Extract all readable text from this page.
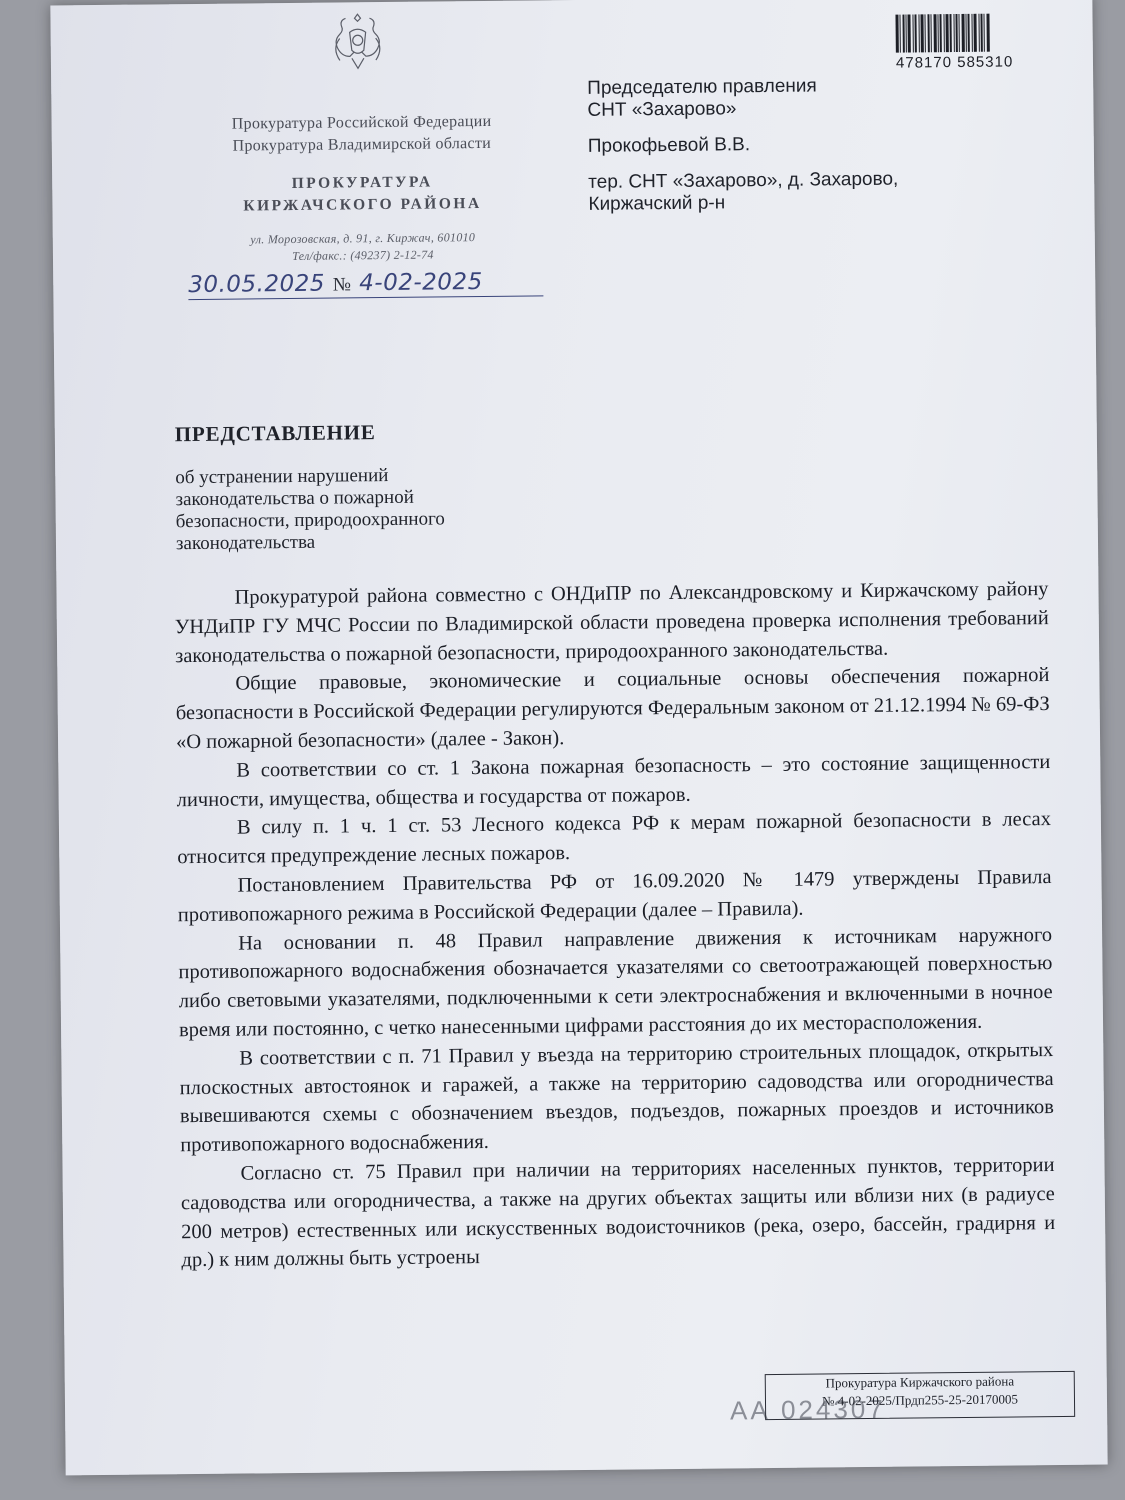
478170 585310
Прокуратура Российской Федерации
Прокуратура Владимирской области
ПРОКУРАТУРА
КИРЖАЧСКОГО РАЙОНА
ул. Морозовская, д. 91, г. Киржач, 601010
Тел/факс.: (49237) 2-12-74
30.05.2025 № 4-02-2025

Председателю правления

СНТ «Захарово»

Прокофьевой В.В.

тер. СНТ «Захарово», д. Захарово,

Киржачский р-н

ПРЕДСТАВЛЕНИЕ
об устранении нарушений
законодательства о пожарной
безопасности, природоохранного
законодательства

Прокуратурой района совместно с ОНДиПР по Александровскому и Киржачскому району УНДиПР ГУ МЧС России по Владимирской области проведена проверка исполнения требований законодательства о пожарной безопасности, природоохранного законодательства.

Общие правовые, экономические и социальные основы обеспечения пожарной безопасности в Российской Федерации регулируются Федеральным законом от 21.12.1994 № 69-ФЗ «О пожарной безопасности» (далее - Закон).

В соответствии со ст. 1 Закона пожарная безопасность – это состояние защищенности личности, имущества, общества и государства от пожаров.

В силу п. 1 ч. 1 ст. 53 Лесного кодекса РФ к мерам пожарной безопасности в лесах относится предупреждение лесных пожаров.

Постановлением Правительства РФ от 16.09.2020 № 1479 утверждены Правила противопожарного режима в Российской Федерации (далее – Правила).

На основании п. 48 Правил направление движения к источникам наружного противопожарного водоснабжения обозначается указателями со светоотражающей поверхностью либо световыми указателями, подключенными к сети электроснабжения и включенными в ночное время или постоянно, с четко нанесенными цифрами расстояния до их месторасположения.

В соответствии с п. 71 Правил у въезда на территорию строительных площадок, открытых плоскостных автостоянок и гаражей, а также на территорию садоводства или огородничества вывешиваются схемы с обозначением въездов, подъездов, пожарных проездов и источников противопожарного водоснабжения.

Согласно ст. 75 Правил при наличии на территориях населенных пунктов, территории садоводства или огородничества, а также на других объектах защиты или вблизи них (в радиусе 200 метров) естественных или искусственных водоисточников (река, озеро, бассейн, градирня и др.) к ним должны быть устроены

АА 024307
Прокуратура Киржачского района
№ 4-02-2025/Прдп255-25-20170005
